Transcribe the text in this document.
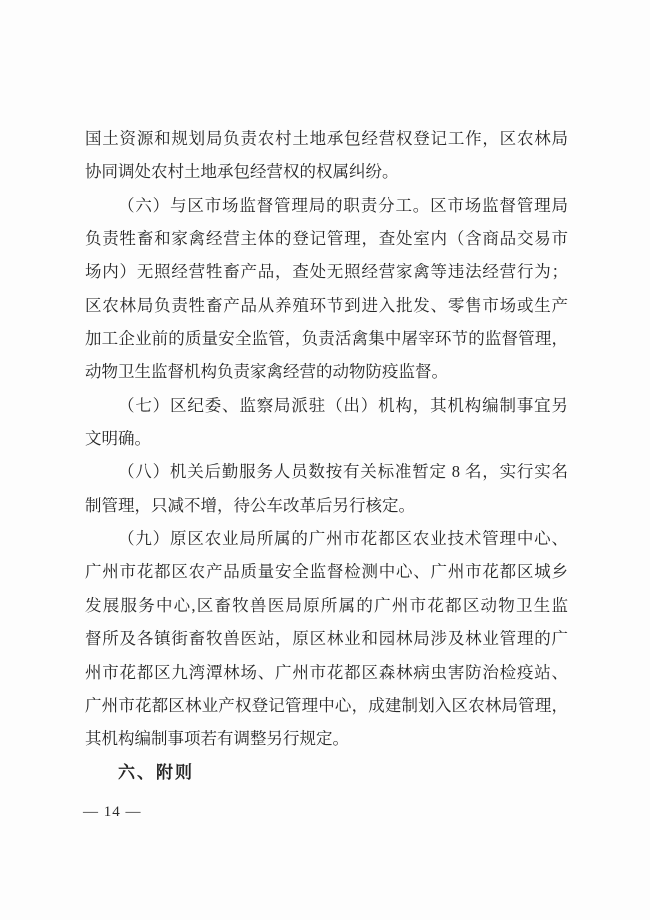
国土资源和规划局负责农村土地承包经营权登记工作，区农林局
协同调处农村土地承包经营权的权属纠纷。
（六）与区市场监督管理局的职责分工。区市场监督管理局
负责牲畜和家禽经营主体的登记管理，查处室内（含商品交易市
场内）无照经营牲畜产品，查处无照经营家禽等违法经营行为；
区农林局负责牲畜产品从养殖环节到进入批发、零售市场或生产
加工企业前的质量安全监管，负责活禽集中屠宰环节的监督管理，
动物卫生监督机构负责家禽经营的动物防疫监督。
（七）区纪委、监察局派驻（出）机构，其机构编制事宜另
文明确。
（八）机关后勤服务人员数按有关标准暂定 8 名，实行实名
制管理，只减不增，待公车改革后另行核定。
（九）原区农业局所属的广州市花都区农业技术管理中心、
广州市花都区农产品质量安全监督检测中心、广州市花都区城乡
发展服务中心,区畜牧兽医局原所属的广州市花都区动物卫生监
督所及各镇街畜牧兽医站，原区林业和园林局涉及林业管理的广
州市花都区九湾潭林场、广州市花都区森林病虫害防治检疫站、
广州市花都区林业产权登记管理中心，成建制划入区农林局管理，
其机构编制事项若有调整另行规定。
六、附则
— 14 —
